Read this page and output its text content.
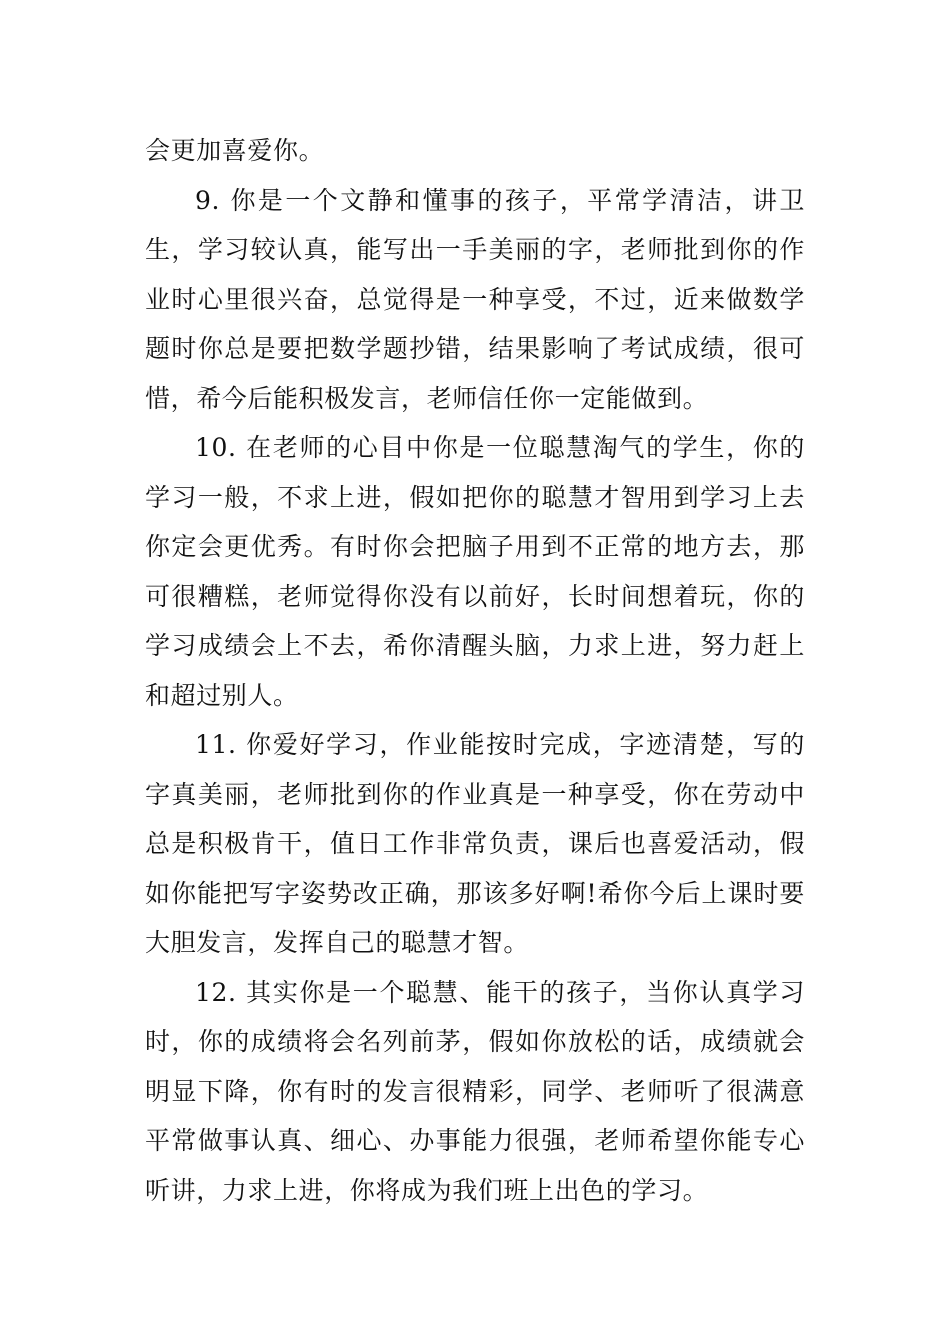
会更加喜爱你。

9. 你是一个文静和懂事的孩子，平常学清洁，讲卫生，学习较认真，能写出一手美丽的字，老师批到你的作业时心里很兴奋，总觉得是一种享受，不过，近来做数学题时你总是要把数学题抄错，结果影响了考试成绩，很可惜，希今后能积极发言，老师信任你一定能做到。

10. 在老师的心目中你是一位聪慧淘气的学生，你的学习一般，不求上进，假如把你的聪慧才智用到学习上去你定会更优秀。有时你会把脑子用到不正常的地方去，那可很糟糕，老师觉得你没有以前好，长时间想着玩，你的学习成绩会上不去，希你清醒头脑，力求上进，努力赶上和超过别人。

11. 你爱好学习，作业能按时完成，字迹清楚，写的字真美丽，老师批到你的作业真是一种享受，你在劳动中总是积极肯干，值日工作非常负责，课后也喜爱活动，假如你能把写字姿势改正确，那该多好啊!希你今后上课时要大胆发言，发挥自己的聪慧才智。

12. 其实你是一个聪慧、能干的孩子，当你认真学习时，你的成绩将会名列前茅，假如你放松的话，成绩就会明显下降，你有时的发言很精彩，同学、老师听了很满意平常做事认真、细心、办事能力很强，老师希望你能专心听讲，力求上进，你将成为我们班上出色的学习。
